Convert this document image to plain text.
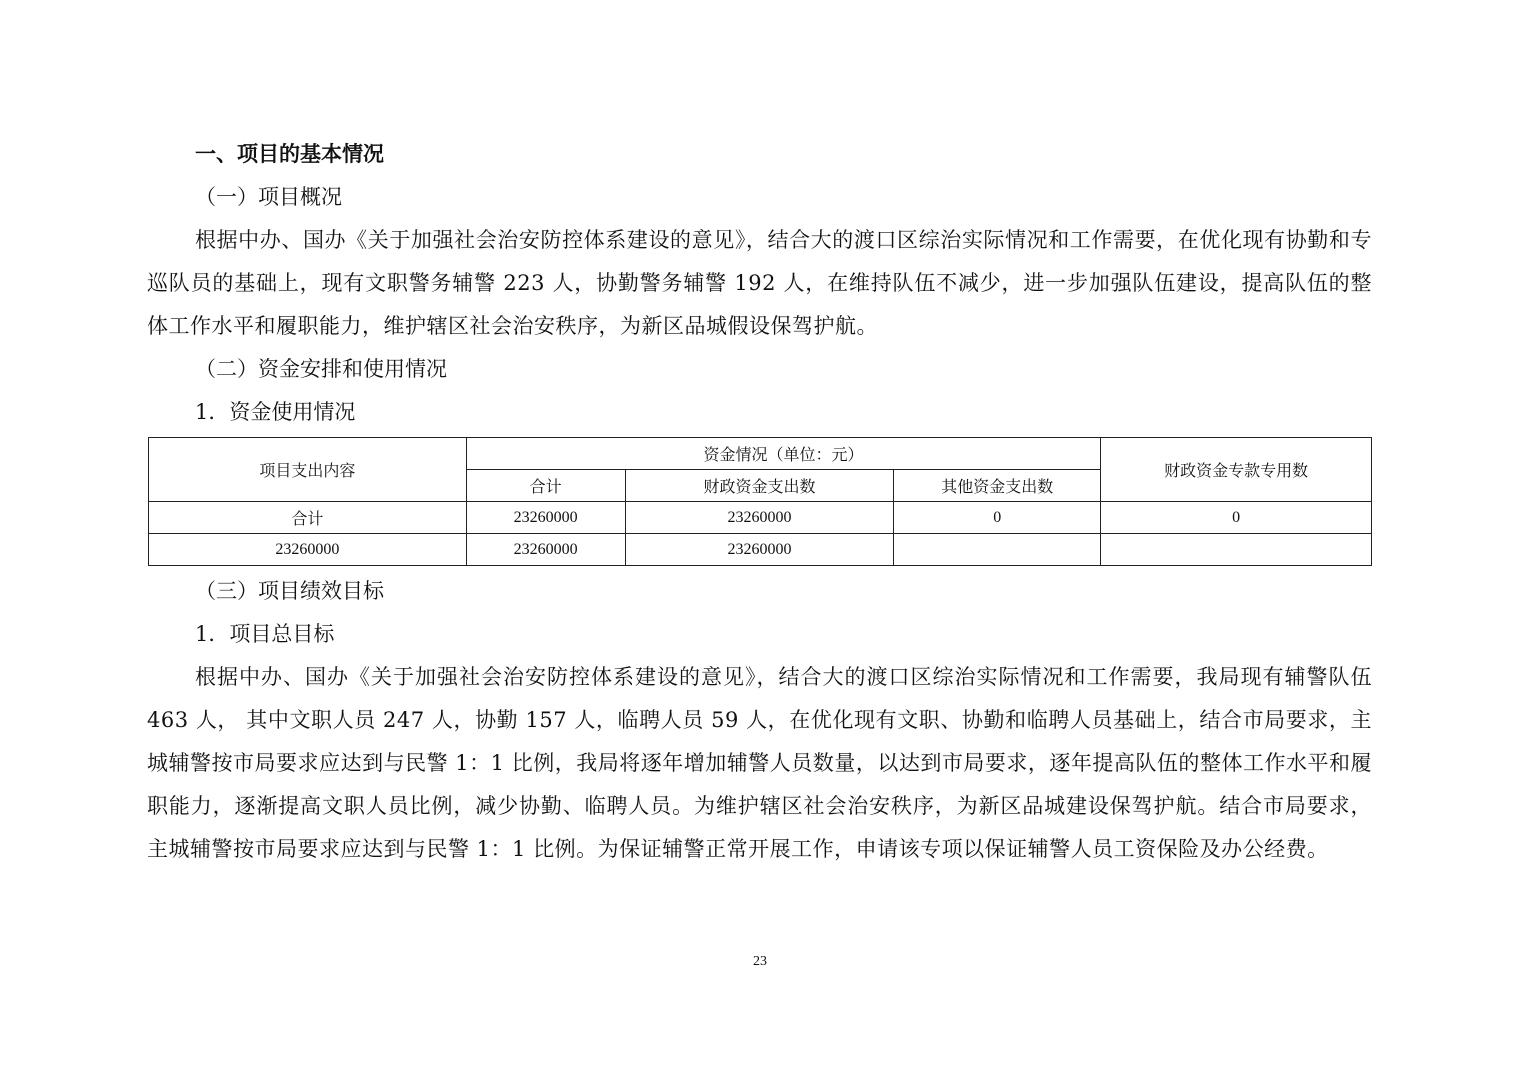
一、项目的基本情况

（一）项目概况

根据中办、国办《关于加强社会治安防控体系建设的意见》，结合大的渡口区综治实际情况和工作需要，在优化现有协勤和专巡队员的基础上，现有文职警务辅警 223 人，协勤警务辅警 192 人，在维持队伍不减少，进一步加强队伍建设，提高队伍的整体工作水平和履职能力，维护辖区社会治安秩序，为新区品城假设保驾护航。

（二）资金安排和使用情况

1．资金使用情况

项目支出内容	资金情况（单位：元）			财政资金专款专用数
	合计	财政资金支出数	其他资金支出数	
合计	23260000	23260000	0	0
23260000	23260000	23260000		

（三）项目绩效目标

1．项目总目标

根据中办、国办《关于加强社会治安防控体系建设的意见》，结合大的渡口区综治实际情况和工作需要，我局现有辅警队伍 463 人， 其中文职人员 247 人，协勤 157 人，临聘人员 59 人，在优化现有文职、协勤和临聘人员基础上，结合市局要求，主城辅警按市局要求应达到与民警 1：1 比例，我局将逐年增加辅警人员数量，以达到市局要求，逐年提高队伍的整体工作水平和履职能力，逐渐提高文职人员比例，减少协勤、临聘人员。为维护辖区社会治安秩序，为新区品城建设保驾护航。结合市局要求，主城辅警按市局要求应达到与民警 1：1 比例。为保证辅警正常开展工作，申请该专项以保证辅警人员工资保险及办公经费。

23
